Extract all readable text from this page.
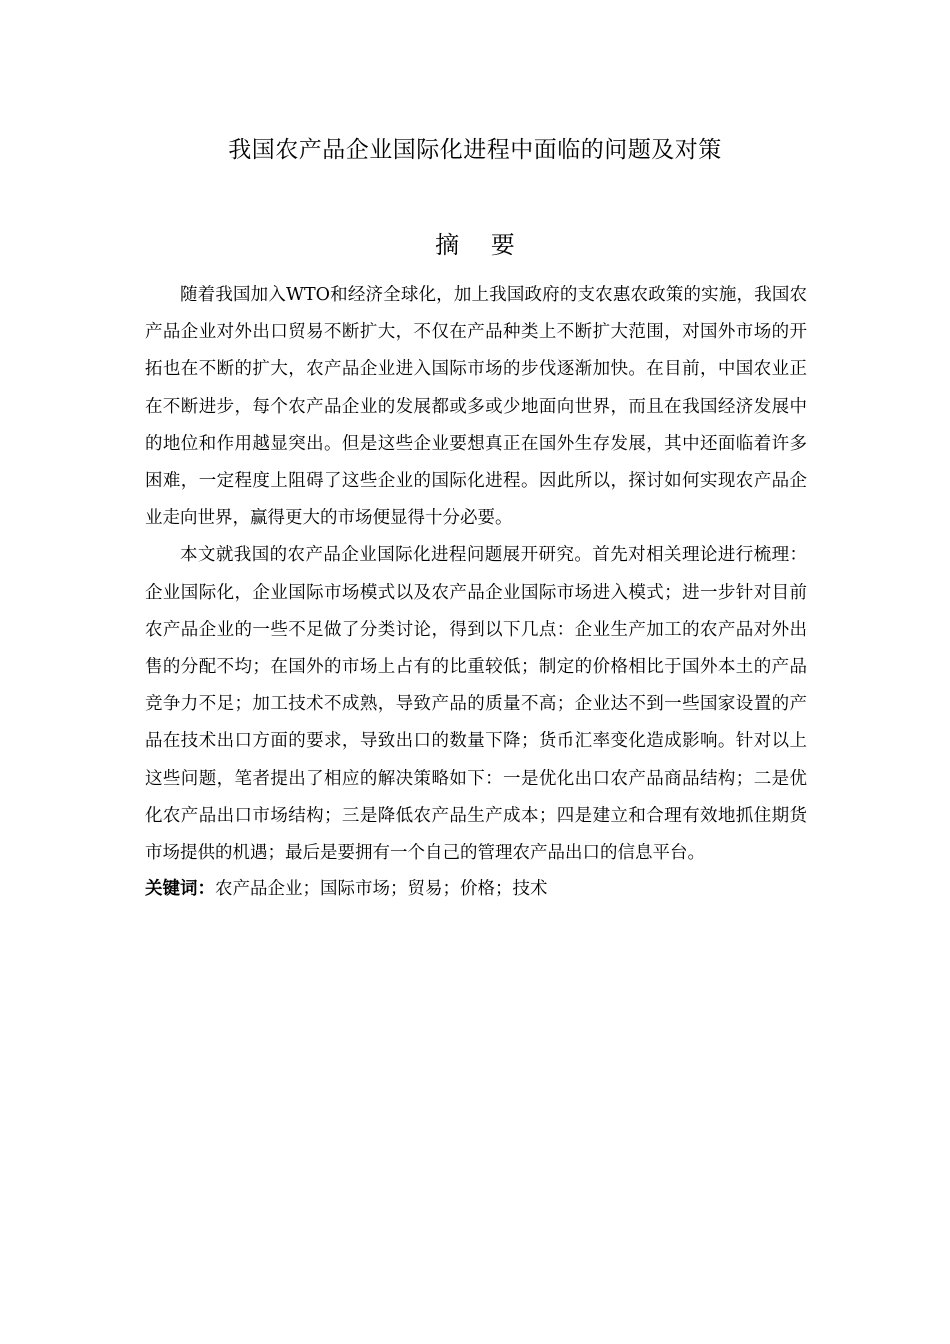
我国农产品企业国际化进程中面临的问题及对策
摘 要

随着我国加入WTO和经济全球化，加上我国政府的支农惠农政策的实施，我国农产品企业对外出口贸易不断扩大，不仅在产品种类上不断扩大范围，对国外市场的开拓也在不断的扩大，农产品企业进入国际市场的步伐逐渐加快。在目前，中国农业正在不断进步，每个农产品企业的发展都或多或少地面向世界，而且在我国经济发展中的地位和作用越显突出。但是这些企业要想真正在国外生存发展，其中还面临着许多困难，一定程度上阻碍了这些企业的国际化进程。因此所以，探讨如何实现农产品企业走向世界，赢得更大的市场便显得十分必要。

本文就我国的农产品企业国际化进程问题展开研究。首先对相关理论进行梳理：企业国际化，企业国际市场模式以及农产品企业国际市场进入模式；进一步针对目前农产品企业的一些不足做了分类讨论，得到以下几点：企业生产加工的农产品对外出售的分配不均；在国外的市场上占有的比重较低；制定的价格相比于国外本土的产品竞争力不足；加工技术不成熟，导致产品的质量不高；企业达不到一些国家设置的产品在技术出口方面的要求，导致出口的数量下降；货币汇率变化造成影响。针对以上这些问题，笔者提出了相应的解决策略如下：一是优化出口农产品商品结构；二是优化农产品出口市场结构；三是降低农产品生产成本；四是建立和合理有效地抓住期货市场提供的机遇；最后是要拥有一个自己的管理农产品出口的信息平台。

关键词：农产品企业；国际市场；贸易；价格；技术
